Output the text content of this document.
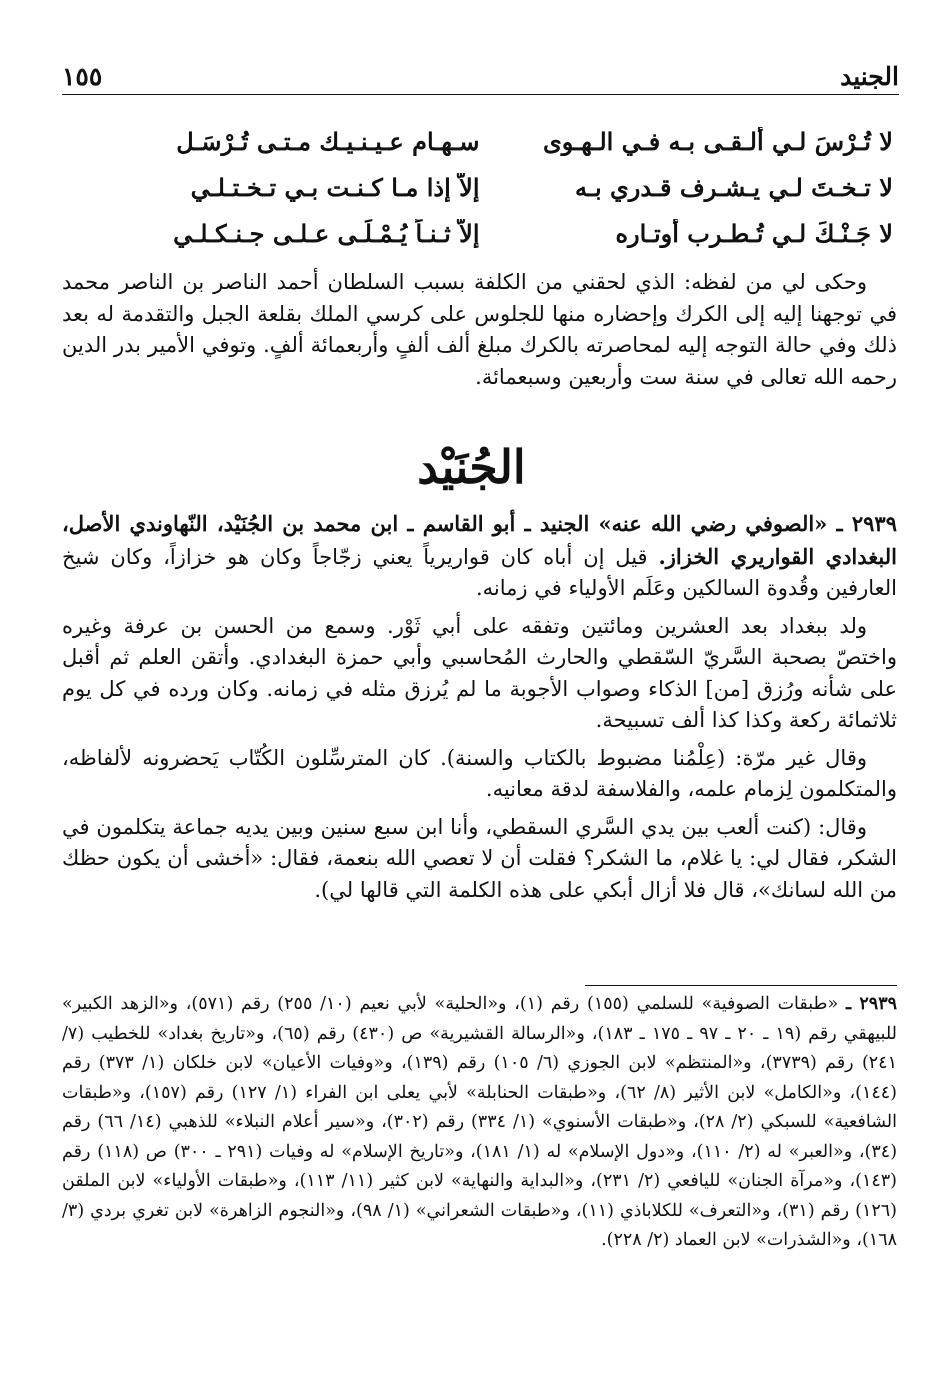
الجنيد
١٥٥
لا تُـرْسَ لـي ألـقـى بـه فـي الـهـوى
سـهـام عـيـنـيـك مـتـى تُـرْسَـل
لا تـخـتَ لـي يـشـرف قـدري بـه
إلاّ إذا مـا كـنـت بـي تـخـتـلـي
لا جَـنْـكَ لـي تُـطـرب أوتـاره
إلاّ ثـنـاً يُـمْـلَـى عـلـى جـنـكـلـي

وحكى لي من لفظه: الذي لحقني من الكلفة بسبب السلطان أحمد الناصر بن الناصر محمد في توجهنا إليه إلى الكرك وإحضاره منها للجلوس على كرسي الملك بقلعة الجبل والتقدمة له بعد ذلك وفي حالة التوجه إليه لمحاصرته بالكرك مبلغ ألف ألفٍ وأربعمائة ألفٍ. وتوفي الأمير بدر الدين رحمه الله تعالى في سنة ست وأربعين وسبعمائة.

الجُنَيْد

٢٩٣٩ ـ «الصوفي رضي الله عنه» الجنيد ـ أبو القاسم ـ ابن محمد بن الجُنَيْد، النّهاوندي الأصل، البغدادي القواريري الخزاز. قيل إن أباه كان قواريرياً يعني زجّاجاً وكان هو خزازاً، وكان شيخ العارفين وقُدوة السالكين وعَلَم الأولياء في زمانه.

ولد ببغداد بعد العشرين ومائتين وتفقه على أبي ثَوْر. وسمع من الحسن بن عرفة وغيره واختصّ بصحبة السَّريّ السّقطي والحارث المُحاسبي وأبي حمزة البغدادي. وأتقن العلم ثم أقبل على شأنه ورُزق [من] الذكاء وصواب الأجوبة ما لم يُرزق مثله في زمانه. وكان ورده في كل يوم ثلاثمائة ركعة وكذا كذا ألف تسبيحة.

وقال غير مرّة: (عِلْمُنا مضبوط بالكتاب والسنة). كان المترسِّلون الكُتّاب يَحضرونه لألفاظه، والمتكلمون لِزمام علمه، والفلاسفة لدقة معانيه.

وقال: (كنت ألعب بين يدي السَّري السقطي، وأنا ابن سبع سنين وبين يديه جماعة يتكلمون في الشكر، فقال لي: يا غلام، ما الشكر؟ فقلت أن لا تعصي الله بنعمة، فقال: «أخشى أن يكون حظك من الله لسانك»، قال فلا أزال أبكي على هذه الكلمة التي قالها لي).

٢٩٣٩ ـ «طبقات الصوفية» للسلمي (١٥٥) رقم (١)، و«الحلية» لأبي نعيم (١٠/ ٢٥٥) رقم (٥٧١)، و«الزهد الكبير» للبيهقي رقم (١٩ ـ ٢٠ ـ ٩٧ ـ ١٧٥ ـ ١٨٣)، و«الرسالة القشيرية» ص (٤٣٠) رقم (٦٥)، و«تاريخ بغداد» للخطيب (٧/ ٢٤١) رقم (٣٧٣٩)، و«المنتظم» لابن الجوزي (٦/ ١٠٥) رقم (١٣٩)، و«وفيات الأعيان» لابن خلكان (١/ ٣٧٣) رقم (١٤٤)، و«الكامل» لابن الأثير (٨/ ٦٢)، و«طبقات الحنابلة» لأبي يعلى ابن الفراء (١/ ١٢٧) رقم (١٥٧)، و«طبقات الشافعية» للسبكي (٢/ ٢٨)، و«طبقات الأسنوي» (١/ ٣٣٤) رقم (٣٠٢)، و«سير أعلام النبلاء» للذهبي (١٤/ ٦٦) رقم (٣٤)، و«العبر» له (٢/ ١١٠)، و«دول الإسلام» له (١/ ١٨١)، و«تاريخ الإسلام» له وفيات (٢٩١ ـ ٣٠٠) ص (١١٨) رقم (١٤٣)، و«مرآة الجنان» لليافعي (٢/ ٢٣١)، و«البداية والنهاية» لابن كثير (١١/ ١١٣)، و«طبقات الأولياء» لابن الملقن (١٢٦) رقم (٣١)، و«التعرف» للكلاباذي (١١)، و«طبقات الشعراني» (١/ ٩٨)، و«النجوم الزاهرة» لابن تغري بردي (٣/ ١٦٨)، و«الشذرات» لابن العماد (٢/ ٢٢٨).
